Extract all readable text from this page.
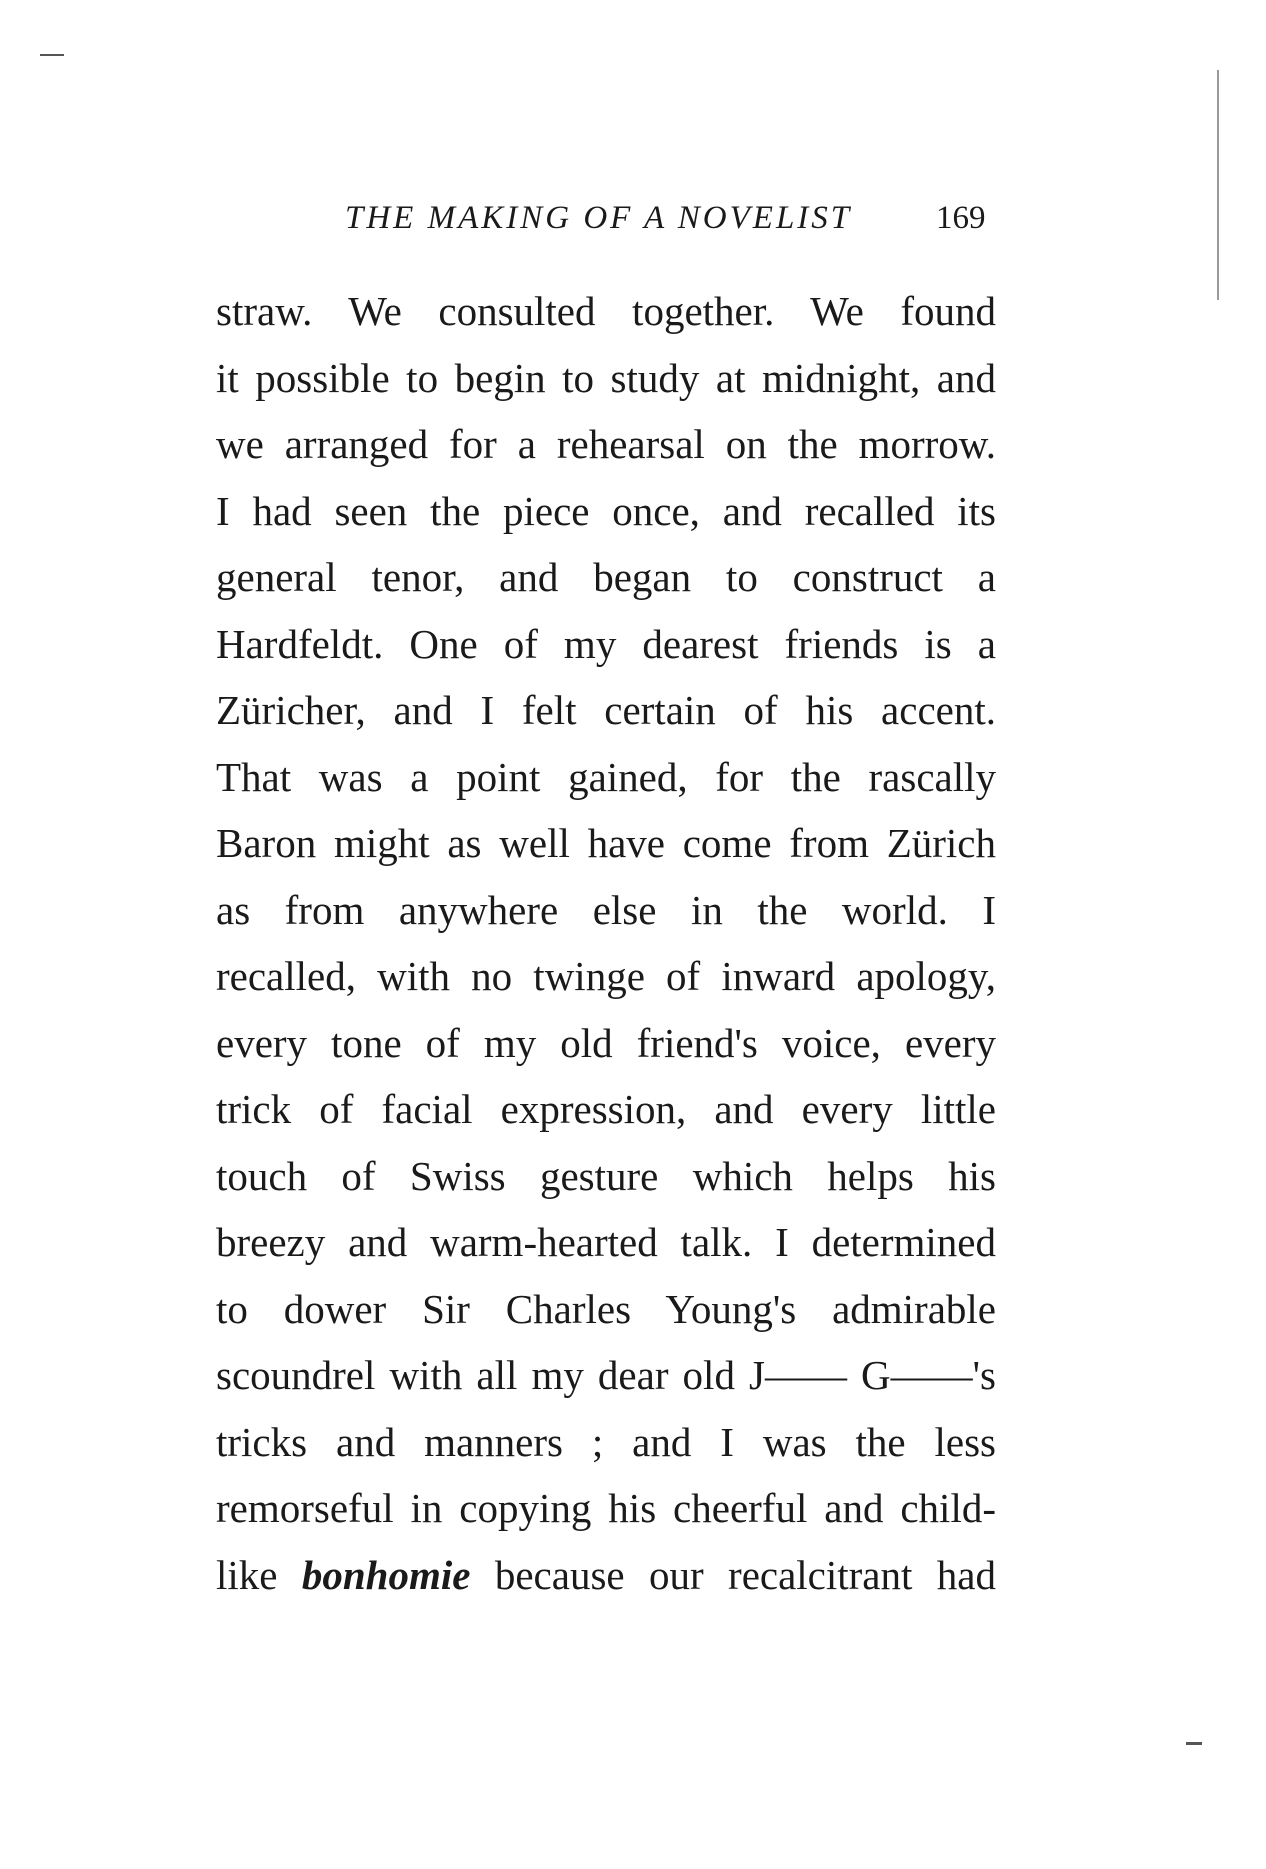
THE MAKING OF A NOVELIST	169
straw. We consulted together. We found
it possible to begin to study at midnight, and
we arranged for a rehearsal on the morrow.
I had seen the piece once, and recalled its
general tenor, and began to construct a
Hardfeldt. One of my dearest friends is a
Züricher, and I felt certain of his accent.
That was a point gained, for the rascally
Baron might as well have come from Zürich
as from anywhere else in the world. I
recalled, with no twinge of inward apology,
every tone of my old friend's voice, every
trick of facial expression, and every little
touch of Swiss gesture which helps his
breezy and warm-hearted talk. I determined
to dower Sir Charles Young's admirable
scoundrel with all my dear old J—— G——'s
tricks and manners ; and I was the less
remorseful in copying his cheerful and child-
like bonhomie because our recalcitrant had
